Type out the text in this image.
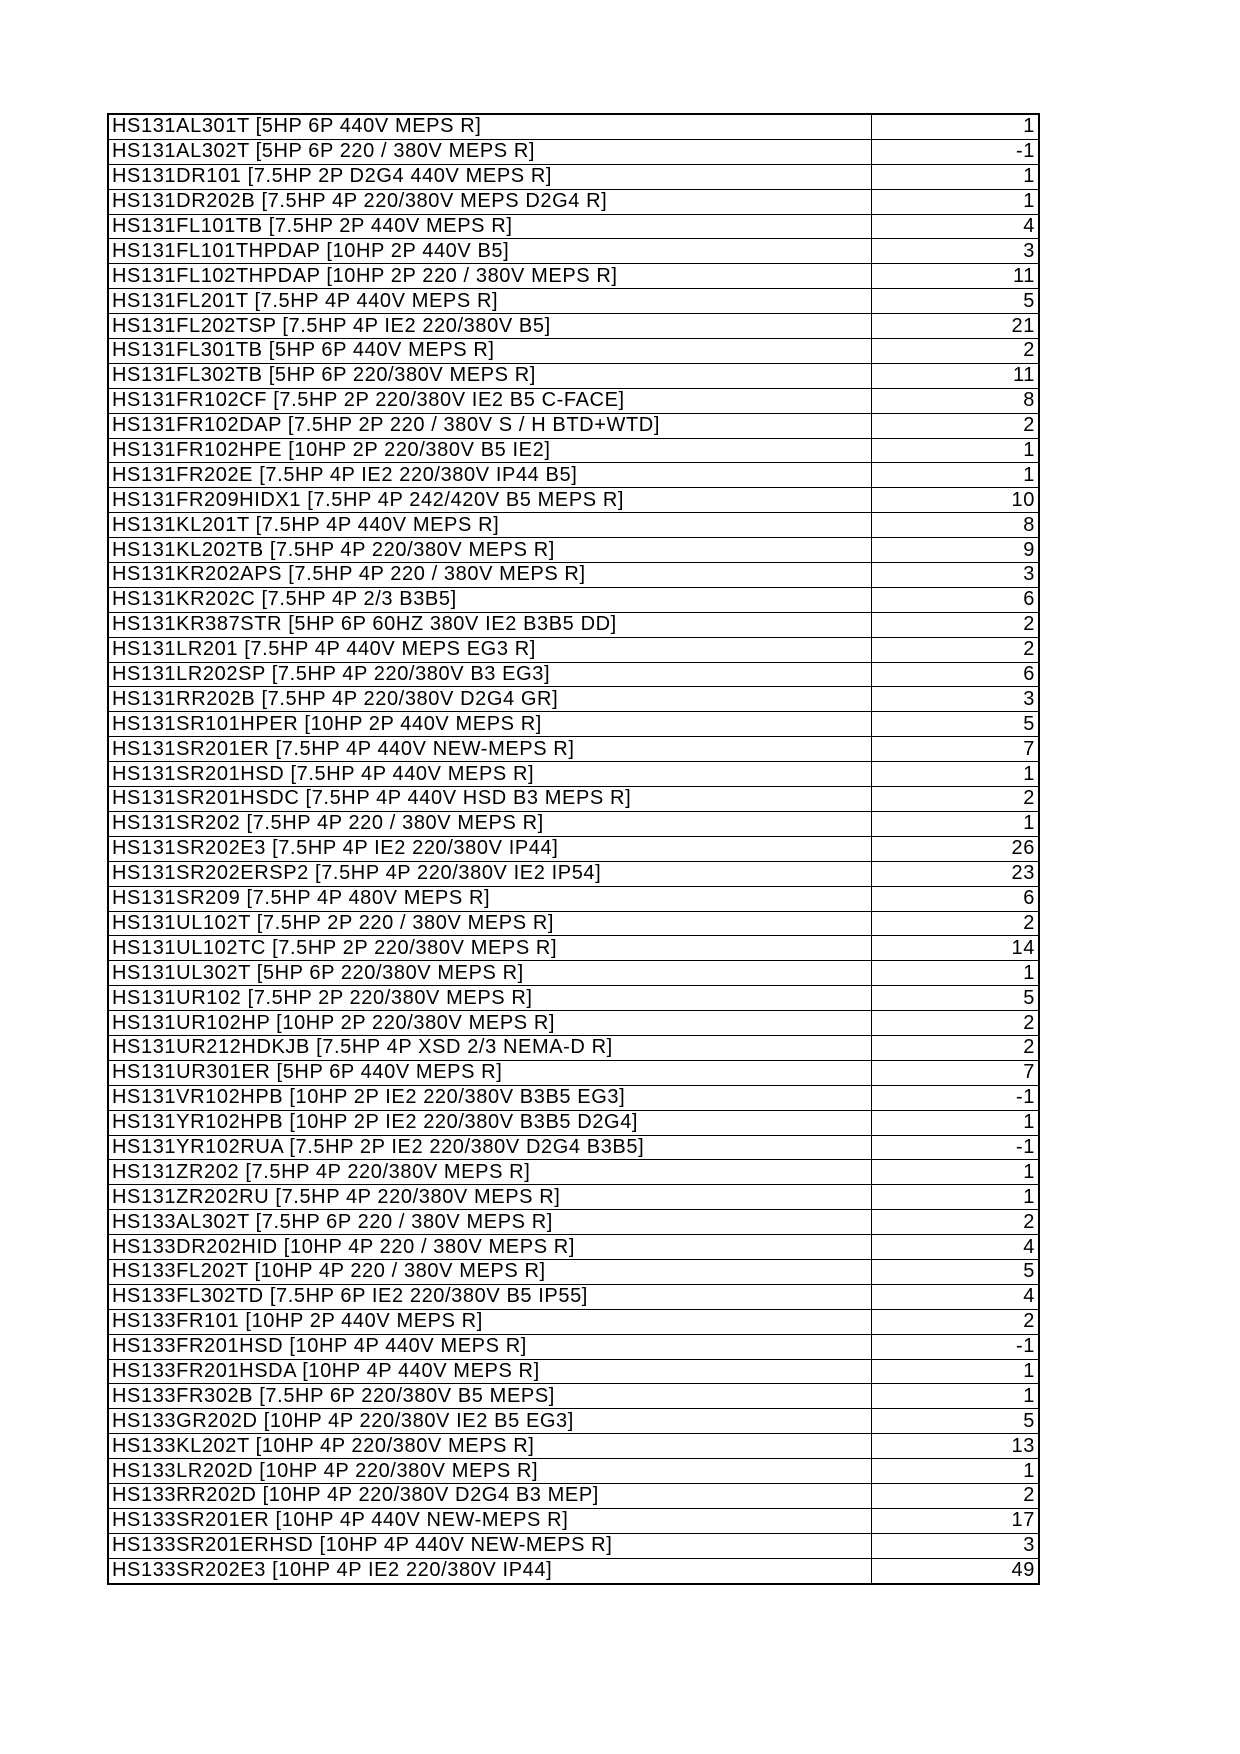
HS131AL301T [5HP 6P 440V MEPS R]	1
HS131AL302T [5HP 6P 220 / 380V MEPS R]	-1
HS131DR101 [7.5HP 2P D2G4 440V MEPS R]	1
HS131DR202B [7.5HP 4P 220/380V MEPS D2G4 R]	1
HS131FL101TB [7.5HP 2P 440V MEPS R]	4
HS131FL101THPDAP [10HP 2P 440V B5]	3
HS131FL102THPDAP [10HP 2P 220 / 380V MEPS R]	11
HS131FL201T [7.5HP 4P 440V MEPS R]	5
HS131FL202TSP [7.5HP 4P IE2 220/380V B5]	21
HS131FL301TB [5HP 6P 440V MEPS R]	2
HS131FL302TB [5HP 6P 220/380V MEPS R]	11
HS131FR102CF [7.5HP 2P 220/380V IE2 B5 C-FACE]	8
HS131FR102DAP [7.5HP 2P 220 / 380V S / H BTD+WTD]	2
HS131FR102HPE [10HP 2P 220/380V B5 IE2]	1
HS131FR202E [7.5HP 4P IE2 220/380V IP44 B5]	1
HS131FR209HIDX1 [7.5HP 4P 242/420V B5 MEPS R]	10
HS131KL201T [7.5HP 4P 440V MEPS R]	8
HS131KL202TB [7.5HP 4P 220/380V MEPS R]	9
HS131KR202APS [7.5HP 4P 220 / 380V MEPS R]	3
HS131KR202C [7.5HP 4P 2/3 B3B5]	6
HS131KR387STR [5HP 6P 60HZ 380V IE2 B3B5 DD]	2
HS131LR201 [7.5HP 4P 440V MEPS EG3 R]	2
HS131LR202SP [7.5HP 4P 220/380V B3 EG3]	6
HS131RR202B [7.5HP 4P 220/380V D2G4 GR]	3
HS131SR101HPER [10HP 2P 440V MEPS R]	5
HS131SR201ER [7.5HP 4P 440V NEW-MEPS R]	7
HS131SR201HSD [7.5HP 4P 440V MEPS R]	1
HS131SR201HSDC [7.5HP 4P 440V HSD B3 MEPS R]	2
HS131SR202 [7.5HP 4P 220 / 380V MEPS R]	1
HS131SR202E3 [7.5HP 4P IE2 220/380V IP44]	26
HS131SR202ERSP2 [7.5HP 4P 220/380V IE2 IP54]	23
HS131SR209 [7.5HP 4P 480V MEPS R]	6
HS131UL102T [7.5HP 2P 220 / 380V MEPS R]	2
HS131UL102TC [7.5HP 2P 220/380V MEPS R]	14
HS131UL302T [5HP 6P 220/380V MEPS R]	1
HS131UR102 [7.5HP 2P 220/380V MEPS R]	5
HS131UR102HP [10HP 2P 220/380V MEPS R]	2
HS131UR212HDKJB [7.5HP 4P XSD 2/3 NEMA-D R]	2
HS131UR301ER [5HP 6P 440V MEPS R]	7
HS131VR102HPB [10HP 2P IE2 220/380V B3B5 EG3]	-1
HS131YR102HPB [10HP 2P IE2 220/380V B3B5 D2G4]	1
HS131YR102RUA [7.5HP 2P IE2 220/380V D2G4 B3B5]	-1
HS131ZR202 [7.5HP 4P 220/380V MEPS R]	1
HS131ZR202RU [7.5HP 4P 220/380V MEPS R]	1
HS133AL302T [7.5HP 6P 220 / 380V MEPS R]	2
HS133DR202HID [10HP 4P 220 / 380V MEPS R]	4
HS133FL202T [10HP 4P 220 / 380V MEPS R]	5
HS133FL302TD [7.5HP 6P IE2 220/380V B5 IP55]	4
HS133FR101 [10HP 2P 440V MEPS R]	2
HS133FR201HSD [10HP 4P 440V MEPS R]	-1
HS133FR201HSDA [10HP 4P 440V MEPS R]	1
HS133FR302B [7.5HP 6P 220/380V B5 MEPS]	1
HS133GR202D [10HP 4P 220/380V IE2 B5 EG3]	5
HS133KL202T [10HP 4P 220/380V MEPS R]	13
HS133LR202D [10HP 4P 220/380V MEPS R]	1
HS133RR202D [10HP 4P 220/380V D2G4 B3 MEP]	2
HS133SR201ER [10HP 4P 440V NEW-MEPS R]	17
HS133SR201ERHSD [10HP 4P 440V NEW-MEPS R]	3
HS133SR202E3 [10HP 4P IE2 220/380V IP44]	49
